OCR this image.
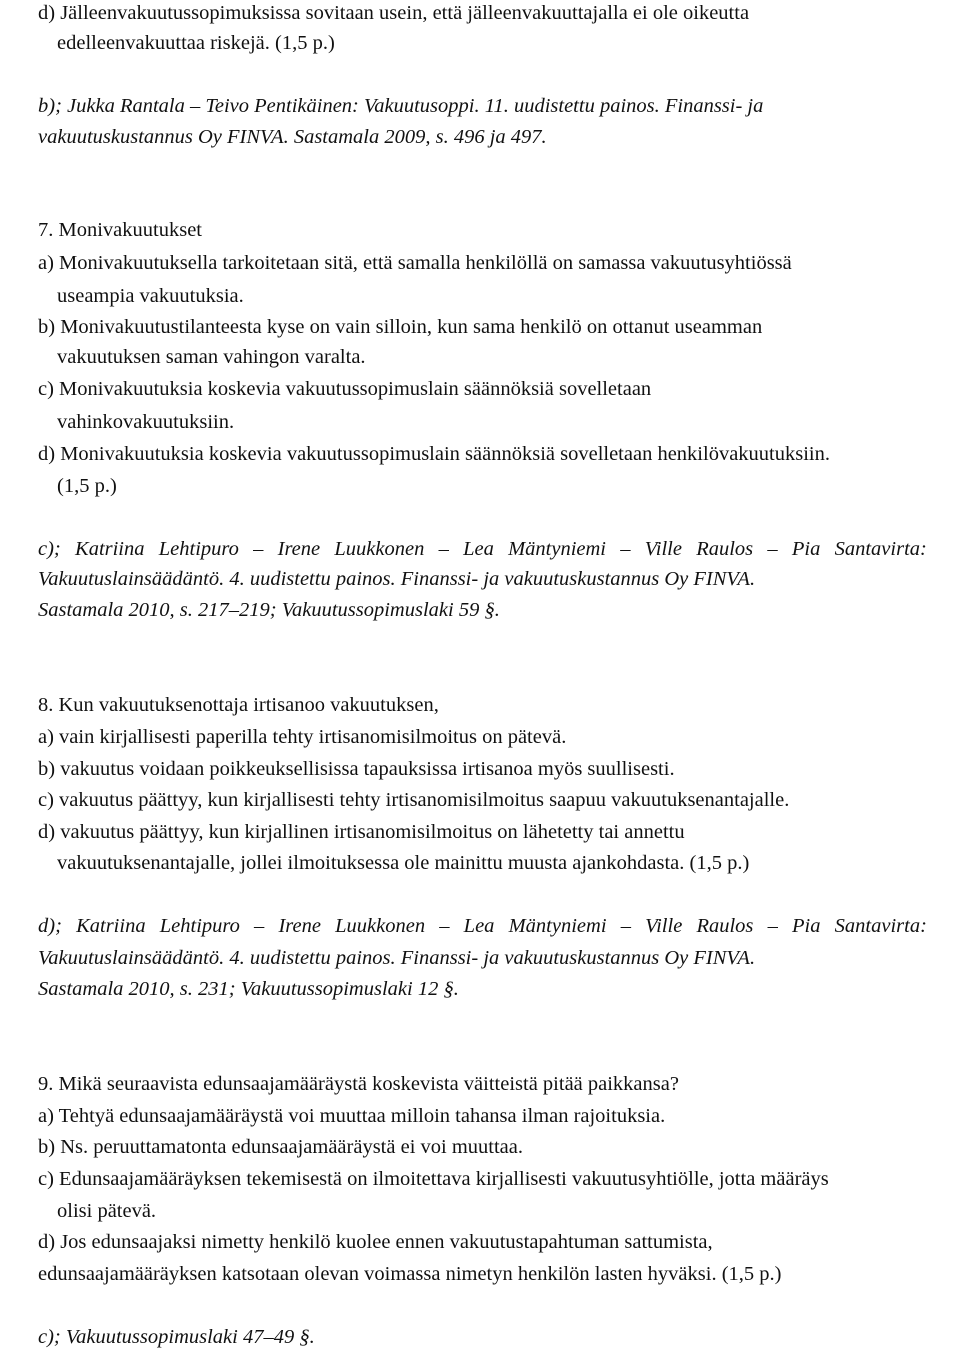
d) Jälleenvakuutussopimuksissa sovitaan usein, että jälleenvakuuttajalla ei ole oikeutta
edelleenvakuuttaa riskejä. (1,5 p.)
b); Jukka Rantala – Teivo Pentikäinen: Vakuutusoppi. 11. uudistettu painos. Finanssi- ja
vakuutuskustannus Oy FINVA. Sastamala 2009, s. 496 ja 497.
7. Monivakuutukset
a) Monivakuutuksella tarkoitetaan sitä, että samalla henkilöllä on samassa vakuutusyhtiössä
useampia vakuutuksia.
b) Monivakuutustilanteesta kyse on vain silloin, kun sama henkilö on ottanut useamman
vakuutuksen saman vahingon varalta.
c) Monivakuutuksia koskevia vakuutussopimuslain säännöksiä sovelletaan
vahinkovakuutuksiin.
d) Monivakuutuksia koskevia vakuutussopimuslain säännöksiä sovelletaan henkilövakuutuksiin.
(1,5 p.)
c); Katriina Lehtipuro – Irene Luukkonen – Lea Mäntyniemi – Ville Raulos – Pia Santavirta:
Vakuutuslainsäädäntö. 4. uudistettu painos. Finanssi- ja vakuutuskustannus Oy FINVA.
Sastamala 2010, s. 217–219; Vakuutussopimuslaki 59 §.
8. Kun vakuutuksenottaja irtisanoo vakuutuksen,
a) vain kirjallisesti paperilla tehty irtisanomisilmoitus on pätevä.
b) vakuutus voidaan poikkeuksellisissa tapauksissa irtisanoa myös suullisesti.
c) vakuutus päättyy, kun kirjallisesti tehty irtisanomisilmoitus saapuu vakuutuksenantajalle.
d) vakuutus päättyy, kun kirjallinen irtisanomisilmoitus on lähetetty tai annettu
vakuutuksenantajalle, jollei ilmoituksessa ole mainittu muusta ajankohdasta. (1,5 p.)
d); Katriina Lehtipuro – Irene Luukkonen – Lea Mäntyniemi – Ville Raulos – Pia Santavirta:
Vakuutuslainsäädäntö. 4. uudistettu painos. Finanssi- ja vakuutuskustannus Oy FINVA.
Sastamala 2010, s. 231; Vakuutussopimuslaki 12 §.
9. Mikä seuraavista edunsaajamääräystä koskevista väitteistä pitää paikkansa?
a) Tehtyä edunsaajamääräystä voi muuttaa milloin tahansa ilman rajoituksia.
b) Ns. peruuttamatonta edunsaajamääräystä ei voi muuttaa.
c) Edunsaajamääräyksen tekemisestä on ilmoitettava kirjallisesti vakuutusyhtiölle, jotta määräys
olisi pätevä.
d) Jos edunsaajaksi nimetty henkilö kuolee ennen vakuutustapahtuman sattumista,
edunsaajamääräyksen katsotaan olevan voimassa nimetyn henkilön lasten hyväksi. (1,5 p.)
c); Vakuutussopimuslaki 47–49 §.
